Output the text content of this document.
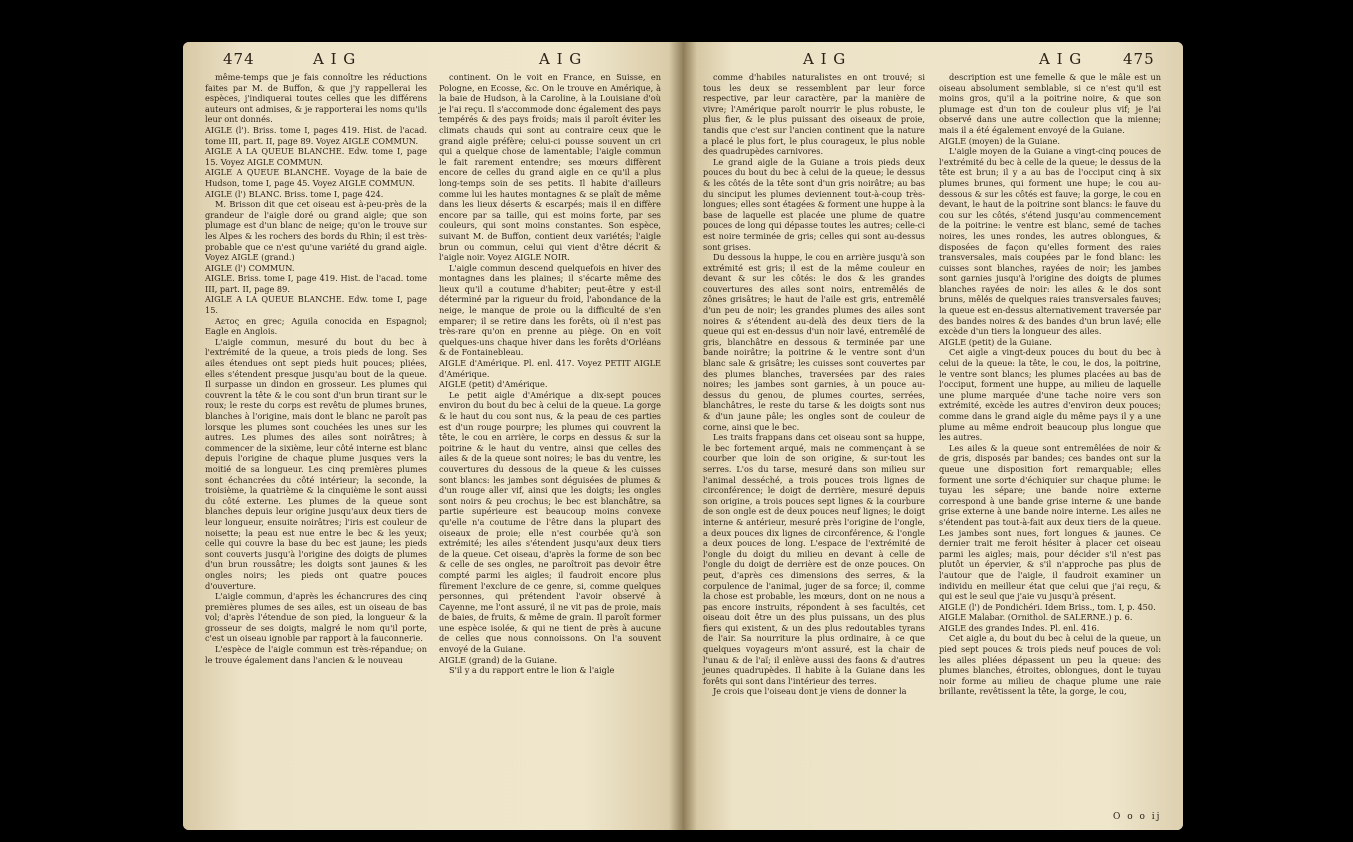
474	A I G	A I G

même-temps que je fais connoître les réductions faites par M. de Buffon, & que j'y rappellerai les espèces, j'indiquerai toutes celles que les différens auteurs ont admises, & je rapporterai les noms qu'ils leur ont donnés.

AIGLE (l'). Briss. tome I, pages 419. Hist. de l'acad. tome III, part. II, page 89. Voyez AIGLE COMMUN.

AIGLE A LA QUEUE BLANCHE. Edw. tome I, page 15. Voyez AIGLE COMMUN.

AIGLE A QUEUE BLANCHE. Voyage de la baie de Hudson, tome I, page 45. Voyez AIGLE COMMUN.

AIGLE (l') BLANC. Briss. tome I, page 424.

M. Brisson dit que cet oiseau est à-peu-près de la grandeur de l'aigle doré ou grand aigle; que son plumage est d'un blanc de neige; qu'on le trouve sur les Alpes & les rochers des bords du Rhin; il est très-probable que ce n'est qu'une variété du grand aigle. Voyez AIGLE (grand.)

AIGLE (l') COMMUN.

AIGLE. Briss. tome I, page 419. Hist. de l'acad. tome III, part. II, page 89.

AIGLE A LA QUEUE BLANCHE. Edw. tome I, page 15.

Aετος en grec; Aguila conocida en Espagnol; Eagle en Anglois.

L'aigle commun, mesuré du bout du bec à l'extrémité de la queue, a trois pieds de long. Ses ailes étendues ont sept pieds huit pouces; pliées, elles s'étendent presque jusqu'au bout de la queue. Il surpasse un dindon en grosseur. Les plumes qui couvrent la tête & le cou sont d'un brun tirant sur le roux; le reste du corps est revêtu de plumes brunes, blanches à l'origine, mais dont le blanc ne paroît pas lorsque les plumes sont couchées les unes sur les autres. Les plumes des ailes sont noirâtres; à commencer de la sixième, leur côté interne est blanc depuis l'origine de chaque plume jusques vers la moitié de sa longueur. Les cinq premières plumes sont échancrées du côté intérieur; la seconde, la troisième, la quatrième & la cinquième le sont aussi du côté externe. Les plumes de la queue sont blanches depuis leur origine jusqu'aux deux tiers de leur longueur, ensuite noirâtres; l'iris est couleur de noisette; la peau est nue entre le bec & les yeux; celle qui couvre la base du bec est jaune; les pieds sont couverts jusqu'à l'origine des doigts de plumes d'un brun roussâtre; les doigts sont jaunes & les ongles noirs; les pieds ont quatre pouces d'ouverture.

L'aigle commun, d'après les échancrures des cinq premières plumes de ses ailes, est un oiseau de bas vol; d'après l'étendue de son pied, la longueur & la grosseur de ses doigts, malgré le nom qu'il porte, c'est un oiseau ignoble par rapport à la fauconnerie.

L'espèce de l'aigle commun est très-répandue; on le trouve également dans l'ancien & le nouveau

continent. On le voit en France, en Suisse, en Pologne, en Ecosse, &c. On le trouve en Amérique, à la baie de Hudson, à la Caroline, à la Louisiane d'où je l'ai reçu. Il s'accommode donc également des pays tempérés & des pays froids; mais il paroît éviter les climats chauds qui sont au contraire ceux que le grand aigle préfère; celui-ci pousse souvent un cri qui a quelque chose de lamentable; l'aigle commun le fait rarement entendre; ses mœurs diffèrent encore de celles du grand aigle en ce qu'il a plus long-temps soin de ses petits. Il habite d'ailleurs comme lui les hautes montagnes & se plaît de même dans les lieux déserts & escarpés; mais il en diffère encore par sa taille, qui est moins forte, par ses couleurs, qui sont moins constantes. Son espèce, suivant M. de Buffon, contient deux variétés; l'aigle brun ou commun, celui qui vient d'être décrit & l'aigle noir. Voyez AIGLE NOIR.

L'aigle commun descend quelquefois en hiver des montagnes dans les plaines; il s'écarte même des lieux qu'il a coutume d'habiter; peut-être y est-il déterminé par la rigueur du froid, l'abondance de la neige, le manque de proie ou la difficulté de s'en emparer; il se retire dans les forêts, où il n'est pas très-rare qu'on en prenne au piège. On en voit quelques-uns chaque hiver dans les forêts d'Orléans & de Fontainebleau.

AIGLE d'Amérique. Pl. enl. 417. Voyez PETIT AIGLE d'Amérique.

AIGLE (petit) d'Amérique.

Le petit aigle d'Amérique a dix-sept pouces environ du bout du bec à celui de la queue. La gorge & le haut du cou sont nus, & la peau de ces parties est d'un rouge pourpre; les plumes qui couvrent la tête, le cou en arrière, le corps en dessus & sur la poitrine & le haut du ventre, ainsi que celles des ailes & de la queue sont noires; le bas du ventre, les couvertures du dessous de la queue & les cuisses sont blancs: les jambes sont déguisées de plumes & d'un rouge aller vif, ainsi que les doigts; les ongles sont noirs & peu crochus; le bec est blanchâtre, sa partie supérieure est beaucoup moins convexe qu'elle n'a coutume de l'être dans la plupart des oiseaux de proie; elle n'est courbée qu'à son extrémité; les ailes s'étendent jusqu'aux deux tiers de la queue. Cet oiseau, d'après la forme de son bec & celle de ses ongles, ne paroîtroit pas devoir être compté parmi les aigles; il faudroit encore plus fûrement l'exclure de ce genre, si, comme quelques personnes, qui prétendent l'avoir observé à Cayenne, me l'ont assuré, il ne vit pas de proie, mais de baies, de fruits, & même de grain. Il paroît former une espèce isolée, & qui ne tient de près à aucune de celles que nous connoissons. On l'a souvent envoyé de la Guiane.

AIGLE (grand) de la Guiane.

S'il y a du rapport entre le lion & l'aigle

A I G	A I G	475

comme d'habiles naturalistes en ont trouvé; si tous les deux se ressemblent par leur force respective, par leur caractère, par la manière de vivre; l'Amérique paroît nourrir le plus robuste, le plus fier, & le plus puissant des oiseaux de proie, tandis que c'est sur l'ancien continent que la nature a placé le plus fort, le plus courageux, le plus noble des quadrupèdes carnivores.

Le grand aigle de la Guiane a trois pieds deux pouces du bout du bec à celui de la queue; le dessus & les côtés de la tête sont d'un gris noirâtre; au bas du sinciput les plumes deviennent tout-à-coup très-longues; elles sont étagées & forment une huppe à la base de laquelle est placée une plume de quatre pouces de long qui dépasse toutes les autres; celle-ci est noire terminée de gris; celles qui sont au-dessus sont grises.

Du dessous la huppe, le cou en arrière jusqu'à son extrémité est gris; il est de la même couleur en devant & sur les côtés: le dos & les grandes couvertures des ailes sont noirs, entremêlés de zônes grisâtres; le haut de l'aile est gris, entremêlé d'un peu de noir; les grandes plumes des ailes sont noires & s'étendent au-delà des deux tiers de la queue qui est en-dessus d'un noir lavé, entremêlé de gris, blanchâtre en dessous & terminée par une bande noirâtre; la poitrine & le ventre sont d'un blanc sale & grisâtre; les cuisses sont couvertes par des plumes blanches, traversées par des raies noires; les jambes sont garnies, à un pouce au-dessus du genou, de plumes courtes, serrées, blanchâtres, le reste du tarse & les doigts sont nus & d'un jaune pâle; les ongles sont de couleur de corne, ainsi que le bec.

Les traits frappans dans cet oiseau sont sa huppe, le bec fortement arqué, mais ne commençant à se courber que loin de son origine, & sur-tout les serres. L'os du tarse, mesuré dans son milieu sur l'animal desséché, a trois pouces trois lignes de circonférence; le doigt de derrière, mesuré depuis son origine, a trois pouces sept lignes & la courbure de son ongle est de deux pouces neuf lignes; le doigt interne & antérieur, mesuré près l'origine de l'ongle, a deux pouces dix lignes de circonférence, & l'ongle a deux pouces de long. L'espace de l'extrémité de l'ongle du doigt du milieu en devant à celle de l'ongle du doigt de derrière est de onze pouces. On peut, d'après ces dimensions des serres, & la corpulence de l'animal, juger de sa force; il, comme la chose est probable, les mœurs, dont on ne nous a pas encore instruits, répondent à ses facultés, cet oiseau doit être un des plus puissans, un des plus fiers qui existent, & un des plus redoutables tyrans de l'air. Sa nourriture la plus ordinaire, à ce que quelques voyageurs m'ont assuré, est la chair de l'unau & de l'aï; il enlève aussi des faons & d'autres jeunes quadrupèdes. Il habite à la Guiane dans les forêts qui sont dans l'intérieur des terres.

Je crois que l'oiseau dont je viens de donner la

description est une femelle & que le mâle est un oiseau absolument semblable, si ce n'est qu'il est moins gros, qu'il a la poitrine noire, & que son plumage est d'un ton de couleur plus vif; je l'ai observé dans une autre collection que la mienne; mais il a été également envoyé de la Guiane.

AIGLE (moyen) de la Guiane.

L'aigle moyen de la Guiane a vingt-cinq pouces de l'extrémité du bec à celle de la queue; le dessus de la tête est brun; il y a au bas de l'occiput cinq à six plumes brunes, qui forment une hupe; le cou au-dessous & sur les côtés est fauve; la gorge, le cou en devant, le haut de la poitrine sont blancs: le fauve du cou sur les côtés, s'étend jusqu'au commencement de la poitrine: le ventre est blanc, semé de taches noires, les unes rondes, les autres oblongues, & disposées de façon qu'elles forment des raies transversales, mais coupées par le fond blanc: les cuisses sont blanches, rayées de noir; les jambes sont garnies jusqu'à l'origine des doigts de plumes blanches rayées de noir: les ailes & le dos sont bruns, mêlés de quelques raies transversales fauves; la queue est en-dessus alternativement traversée par des bandes noires & des bandes d'un brun lavé; elle excède d'un tiers la longueur des ailes.

AIGLE (petit) de la Guiane.

Cet aigle a vingt-deux pouces du bout du bec à celui de la queue: la tête, le cou, le dos, la poitrine, le ventre sont blancs; les plumes placées au bas de l'occiput, forment une huppe, au milieu de laquelle une plume marquée d'une tache noire vers son extrémité, excède les autres d'environ deux pouces; comme dans le grand aigle du même pays il y a une plume au même endroit beaucoup plus longue que les autres.

Les ailes & la queue sont entremêlées de noir & de gris, disposés par bandes; ces bandes ont sur la queue une disposition fort remarquable; elles forment une sorte d'échiquier sur chaque plume: le tuyau les sépare; une bande noire externe correspond à une bande grise interne & une bande grise externe à une bande noire interne. Les ailes ne s'étendent pas tout-à-fait aux deux tiers de la queue. Les jambes sont nues, fort longues & jaunes. Ce dernier trait me feroit hésiter à placer cet oiseau parmi les aigles; mais, pour décider s'il n'est pas plutôt un épervier, & s'il n'approche pas plus de l'autour que de l'aigle, il faudroit examiner un individu en meilleur état que celui que j'ai reçu, & qui est le seul que j'aie vu jusqu'à présent.

AIGLE (l') de Pondichéri. Idem Briss., tom. I, p. 450.

AIGLE Malabar. (Ornithol. de SALERNE.) p. 6.

AIGLE des grandes Indes. Pl. enl. 416.

Cet aigle a, du bout du bec à celui de la queue, un pied sept pouces & trois pieds neuf pouces de vol: les ailes pliées dépassent un peu la queue: des plumes blanches, étroites, oblongues, dont le tuyau noir forme au milieu de chaque plume une raie brillante, revêtissent la tête, la gorge, le cou,

O o o ij
